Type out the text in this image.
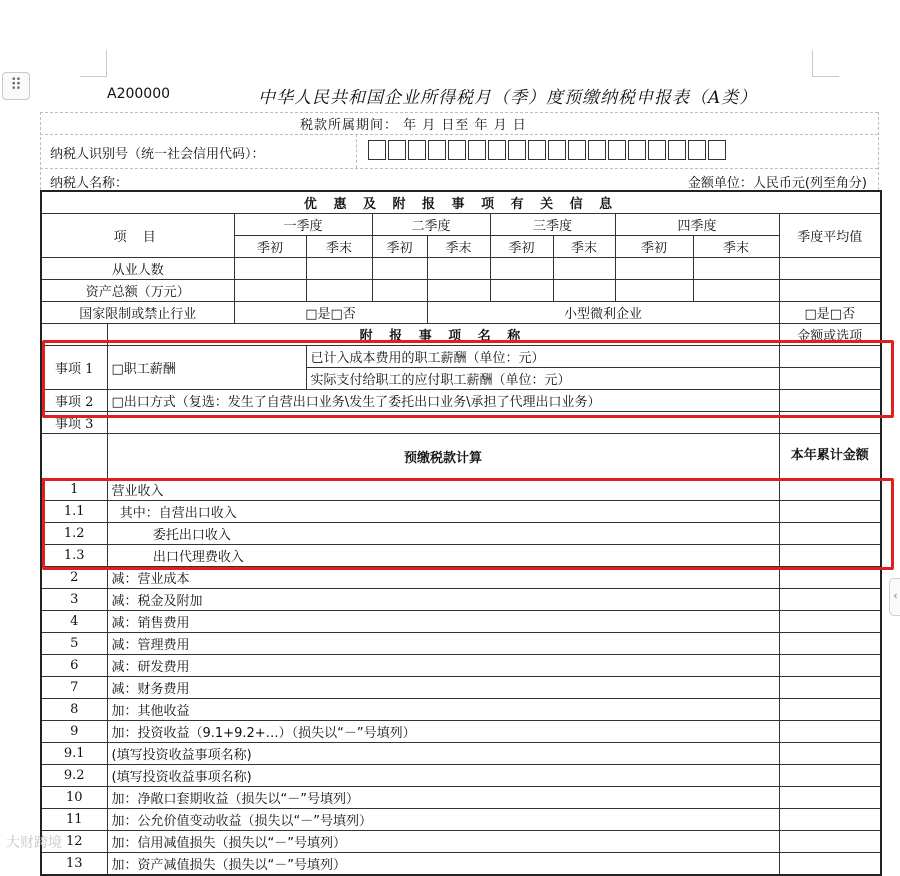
⠿
‹
A200000	中华人民共和国企业所得税月（季）度预缴纳税申报表（A类）
税款所属期间： 年 月 日至 年 月 日
纳税人识别号（统一社会信用代码）：
纳税人名称：	金额单位：人民币元(列至角分)
优 惠 及 附 报 事 项 有 关 信 息										
项 目		一季度		二季度		三季度		四季度		季度平均值
		季初	季末	季初	季末	季初	季末	季初	季末	
从业人数										
资产总额（万元）										
国家限制或禁止行业		□是□否			小型微利企业					□是□否
	附 报 事 项 名 称									金额或选项
事项 1	□职工薪酬		已计入成本费用的职工薪酬（单位：元）							
			实际支付给职工的应付职工薪酬（单位：元）							
事项 2	□出口方式（复选：发生了自营出口业务\发生了委托出口业务\承担了代理出口业务）									
事项 3										
	预缴税款计算									本年累计金额
1	营业收入									
1.1	其中：自营出口收入									
1.2	委托出口收入									
1.3	出口代理费收入									
2	减：营业成本									
3	减：税金及附加									
4	减：销售费用									
5	减：管理费用									
6	减：研发费用									
7	减：财务费用									
8	加：其他收益									
9	加：投资收益（9.1+9.2+…）（损失以“－”号填列）									
9.1	(填写投资收益事项名称)									
9.2	(填写投资收益事项名称)									
10	加：净敞口套期收益（损失以“－”号填列）									
11	加：公允价值变动收益（损失以“－”号填列）									
12	加：信用减值损失（损失以“－”号填列）									
13	加：资产减值损失（损失以“－”号填列）									
大财跨境
